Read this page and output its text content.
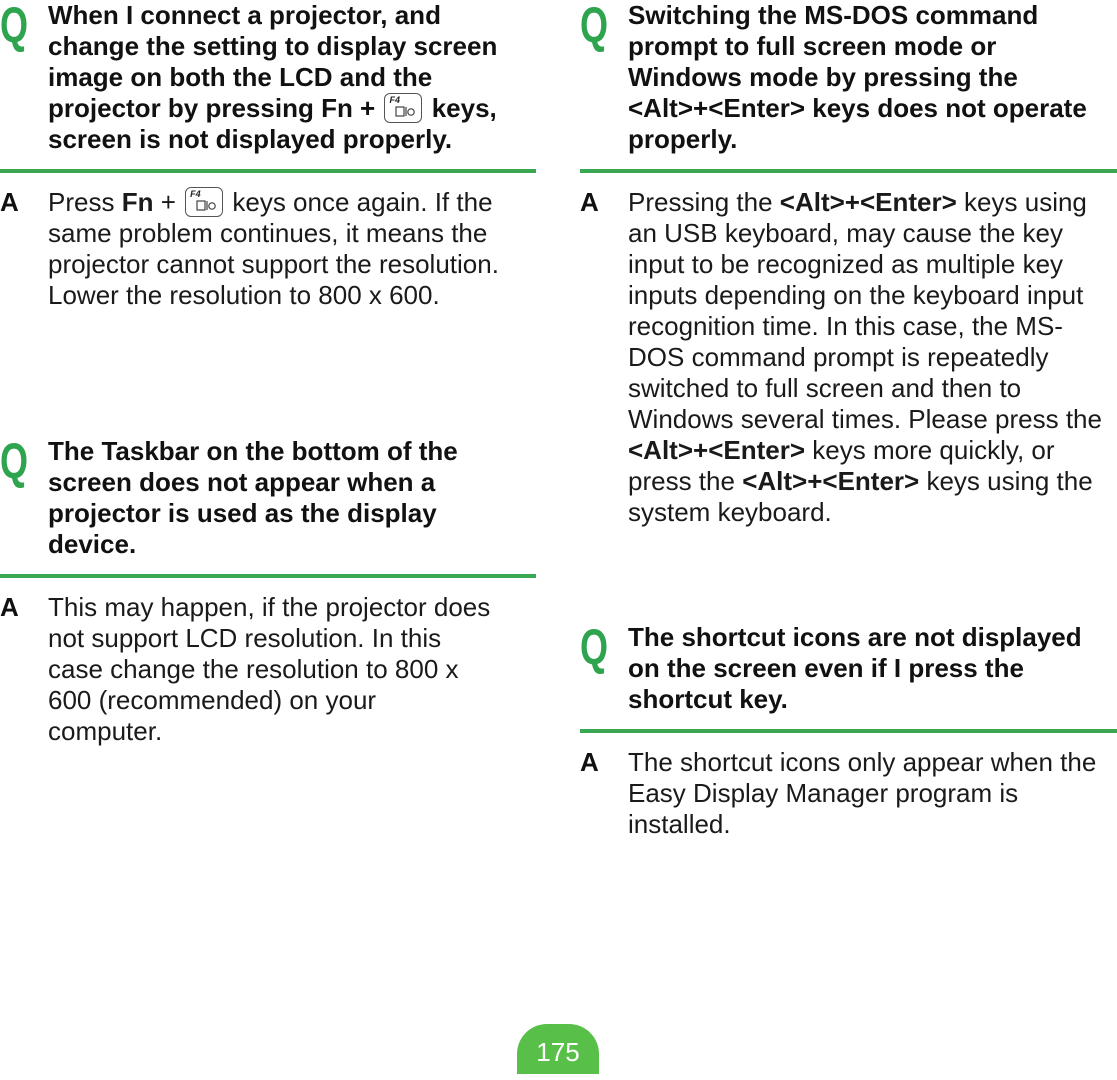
Q When I connect a projector, and change the setting to display screen image on both the LCD and the projector by pressing Fn + F4 keys, screen is not displayed properly.
A Press Fn + F4 keys once again. If the same problem continues, it means the projector cannot support the resolution. Lower the resolution to 800 x 600.
Q The Taskbar on the bottom of the screen does not appear when a projector is used as the display device.
A This may happen, if the projector does not support LCD resolution. In this case change the resolution to 800 x 600 (recommended) on your computer.
Q Switching the MS-DOS command prompt to full screen mode or Windows mode by pressing the <Alt>+<Enter> keys does not operate properly.
A Pressing the <Alt>+<Enter> keys using an USB keyboard, may cause the key input to be recognized as multiple key inputs depending on the keyboard input recognition time. In this case, the MS-DOS command prompt is repeatedly switched to full screen and then to Windows several times. Please press the <Alt>+<Enter> keys more quickly, or press the <Alt>+<Enter> keys using the system keyboard.
Q The shortcut icons are not displayed on the screen even if I press the shortcut key.
A The shortcut icons only appear when the Easy Display Manager program is installed.
175
